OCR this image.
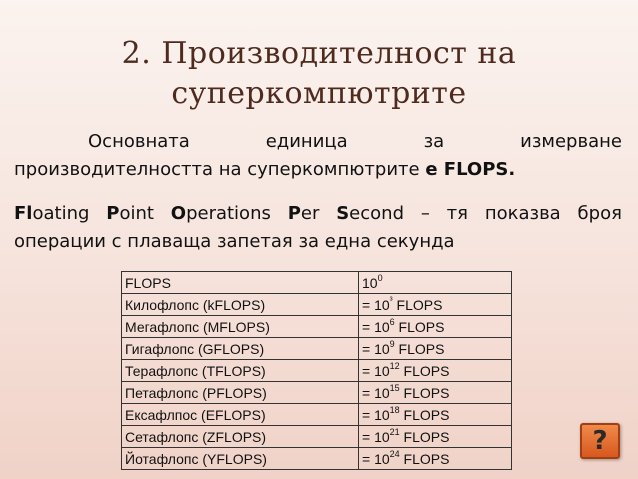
2. Производителност на
суперкомпютрите
Основната	единица	за	измерване
производителността на суперкомпютрите е FLOPS.
Floating Point Operations Per Second – тя показва броя
операции с плаваща запетая за една секунда
FLOPS	$10^0$
Килофлопс (kFLOPS)	= $10^{^3}$ FLOPS
Мегафлопс (MFLOPS)	= $10^6$ FLOPS
Гигафлопс (GFLOPS)	= $10^9$ FLOPS
Терафлопс (TFLOPS)	= $10^{12}$ FLOPS
Петафлопс (PFLOPS)	= $10^{15}$ FLOPS
Ексафлпос (EFLOPS)	= $10^{18}$ FLOPS
Сетафлопс (ZFLOPS)	= $10^{21}$ FLOPS
Йотафлопс (YFLOPS)	= $10^{24}$ FLOPS
?
